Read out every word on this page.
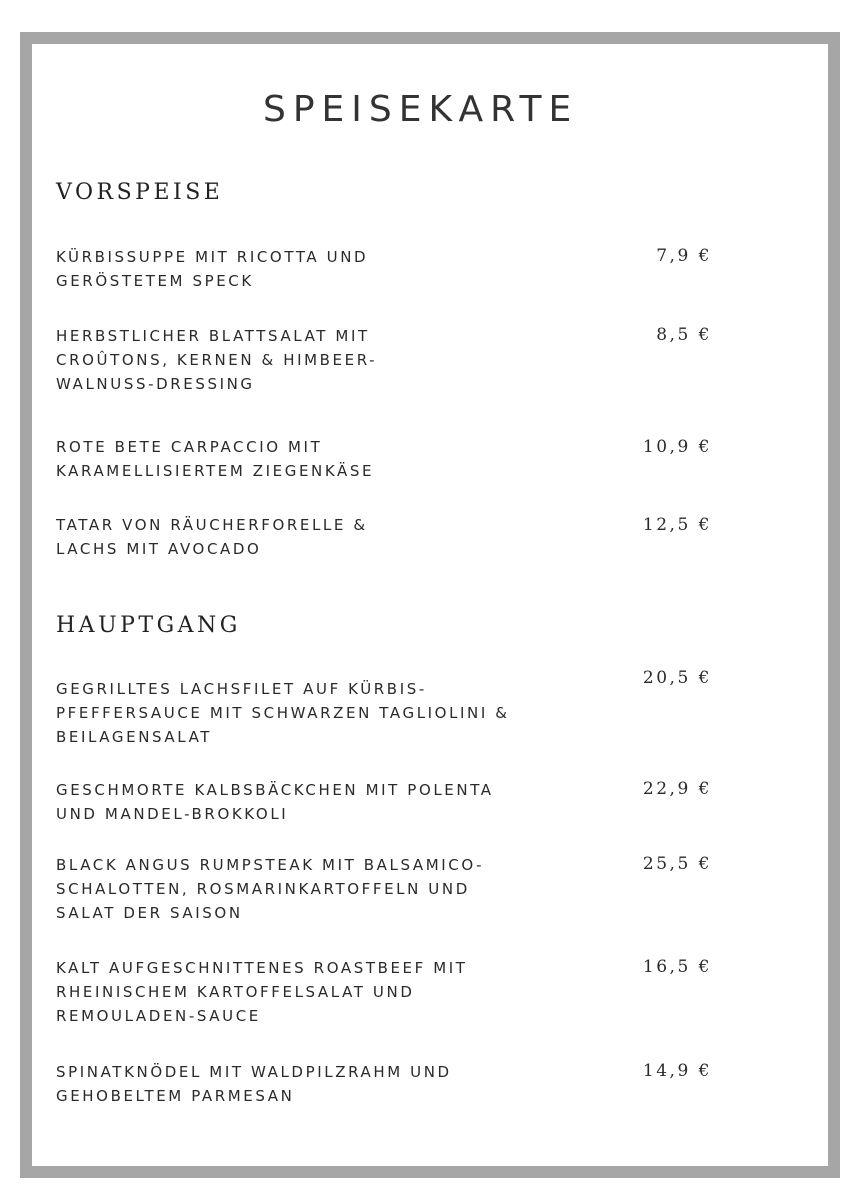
SPEISEKARTE
VORSPEISE
KÜRBISSUPPE MIT RICOTTA UND
GERÖSTETEM SPECK
7,9 €
HERBSTLICHER BLATTSALAT MIT
CROÛTONS, KERNEN & HIMBEER-
WALNUSS-DRESSING
8,5 €
ROTE BETE CARPACCIO MIT
KARAMELLISIERTEM ZIEGENKÄSE
10,9 €
TATAR VON RÄUCHERFORELLE &
LACHS MIT AVOCADO
12,5 €
HAUPTGANG
GEGRILLTES LACHSFILET AUF KÜRBIS-
PFEFFERSAUCE MIT SCHWARZEN TAGLIOLINI &
BEILAGENSALAT
20,5 €
GESCHMORTE KALBSBÄCKCHEN MIT POLENTA
UND MANDEL-BROKKOLI
22,9 €
BLACK ANGUS RUMPSTEAK MIT BALSAMICO-
SCHALOTTEN, ROSMARINKARTOFFELN UND
SALAT DER SAISON
25,5 €
KALT AUFGESCHNITTENES ROASTBEEF MIT
RHEINISCHEM KARTOFFELSALAT UND
REMOULADEN-SAUCE
16,5 €
SPINATKNÖDEL MIT WALDPILZRAHM UND
GEHOBELTEM PARMESAN
14,9 €
